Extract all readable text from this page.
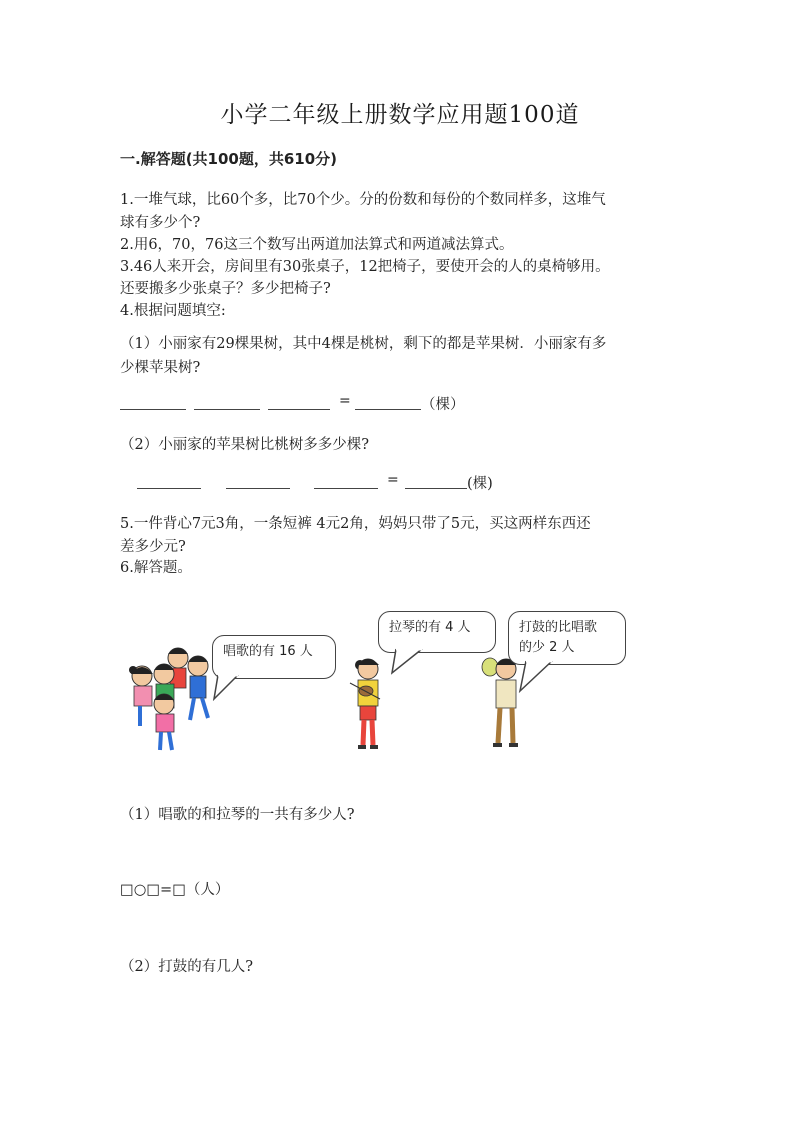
小学二年级上册数学应用题100道
一.解答题(共100题，共610分)
1.一堆气球，比60个多，比70个少。分的份数和每份的个数同样多，这堆气
球有多少个?
2.用6，70，76这三个数写出两道加法算式和两道减法算式。
3.46人来开会，房间里有30张桌子，12把椅子，要使开会的人的桌椅够用。
还要搬多少张桌子？多少把椅子?
4.根据问题填空:
（1）小丽家有29棵果树，其中4棵是桃树，剩下的都是苹果树．小丽家有多
少棵苹果树?
=	（棵）
（2）小丽家的苹果树比桃树多多少棵?
=	(棵)
5.一件背心7元3角，一条短裤 4元2角，妈妈只带了5元，买这两样东西还
差多少元?
6.解答题。
唱歌的有 16 人
拉琴的有 4 人	打鼓的比唱歌
的少 2 人
（1）唱歌的和拉琴的一共有多少人?
□○□=□（人）
（2）打鼓的有几人?
